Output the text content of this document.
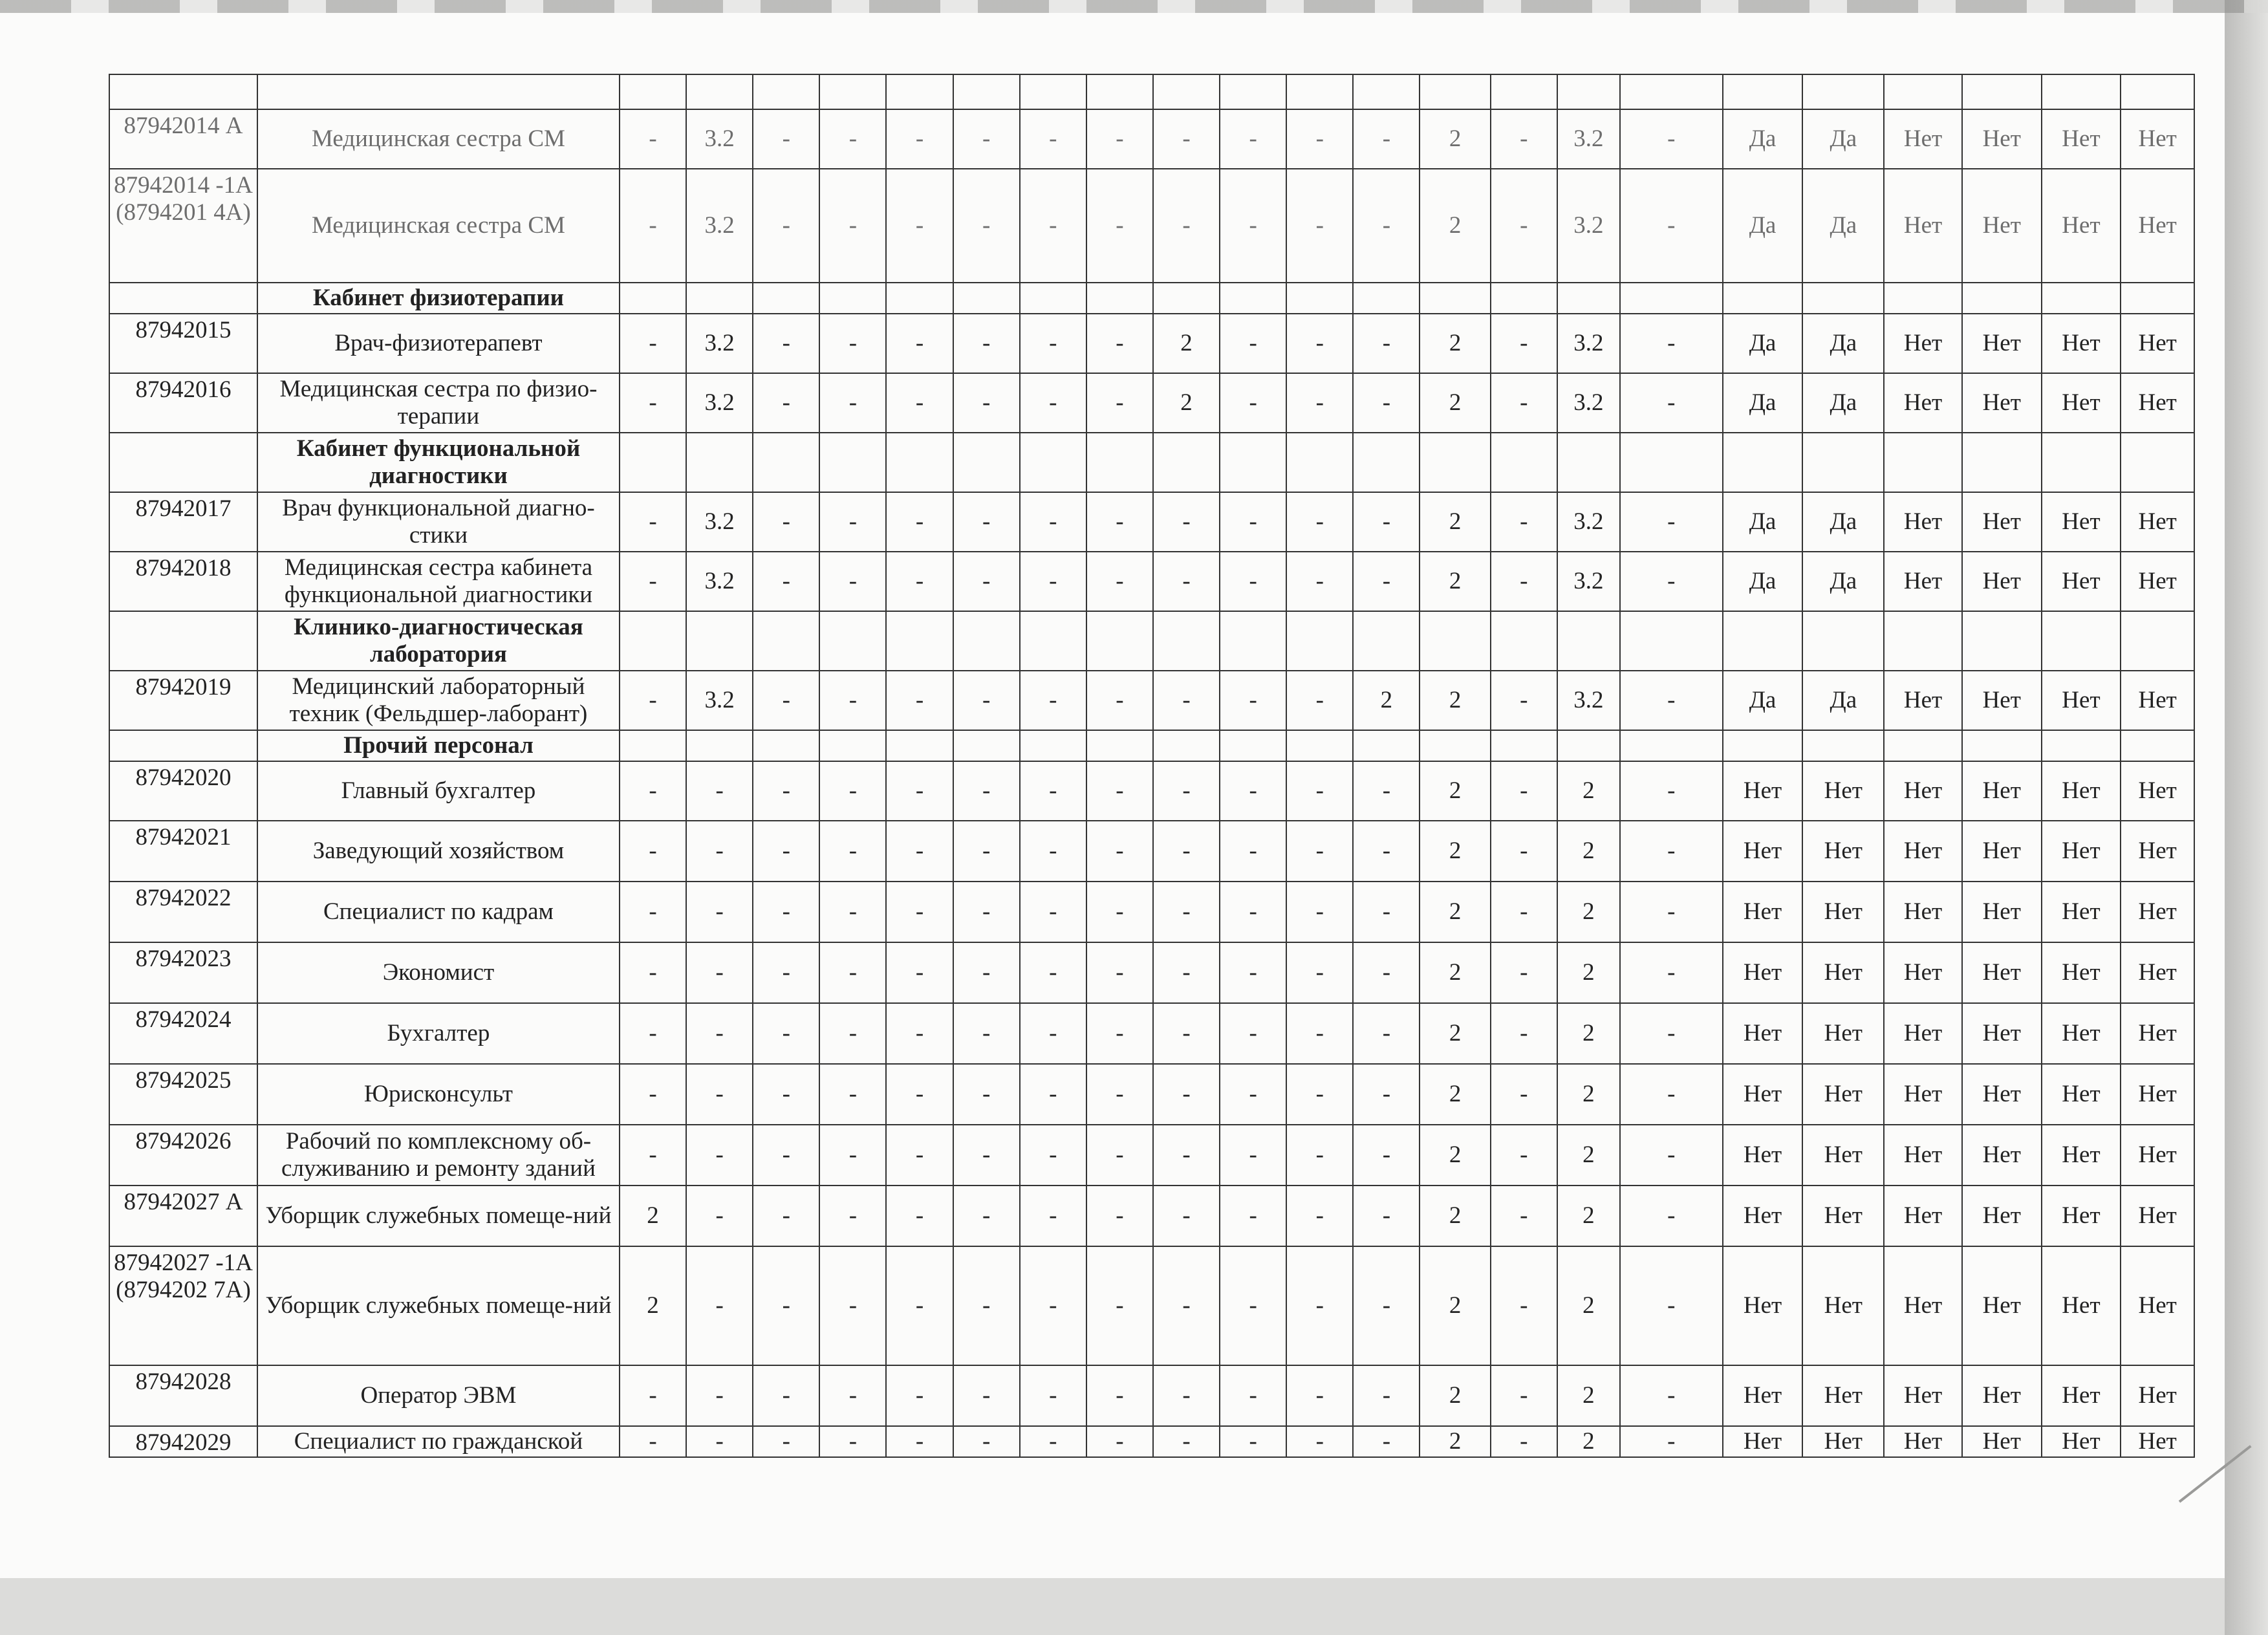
87942014 А	Медицинская сестра СМ	-	3.2	-	-	-	-	-	-	-	-	-	-	2	-	3.2	-	Да	Да	Нет	Нет	Нет	Нет
87942014 -1А (8794201 4А)	Медицинская сестра СМ	-	3.2	-	-	-	-	-	-	-	-	-	-	2	-	3.2	-	Да	Да	Нет	Нет	Нет	Нет
	Кабинет физиотерапии																						
87942015	Врач-физиотерапевт	-	3.2	-	-	-	-	-	-	2	-	-	-	2	-	3.2	-	Да	Да	Нет	Нет	Нет	Нет
87942016	Медицинская сестра по физио-терапии	-	3.2	-	-	-	-	-	-	2	-	-	-	2	-	3.2	-	Да	Да	Нет	Нет	Нет	Нет
	Кабинет функциональной диагностики																						
87942017	Врач функциональной диагно-стики	-	3.2	-	-	-	-	-	-	-	-	-	-	2	-	3.2	-	Да	Да	Нет	Нет	Нет	Нет
87942018	Медицинская сестра кабинета функциональной диагностики	-	3.2	-	-	-	-	-	-	-	-	-	-	2	-	3.2	-	Да	Да	Нет	Нет	Нет	Нет
	Клинико-диагностическая лаборатория																						
87942019	Медицинский лабораторный техник (Фельдшер-лаборант)	-	3.2	-	-	-	-	-	-	-	-	-	2	2	-	3.2	-	Да	Да	Нет	Нет	Нет	Нет
	Прочий персонал																						
87942020	Главный бухгалтер	-	-	-	-	-	-	-	-	-	-	-	-	2	-	2	-	Нет	Нет	Нет	Нет	Нет	Нет
87942021	Заведующий хозяйством	-	-	-	-	-	-	-	-	-	-	-	-	2	-	2	-	Нет	Нет	Нет	Нет	Нет	Нет
87942022	Специалист по кадрам	-	-	-	-	-	-	-	-	-	-	-	-	2	-	2	-	Нет	Нет	Нет	Нет	Нет	Нет
87942023	Экономист	-	-	-	-	-	-	-	-	-	-	-	-	2	-	2	-	Нет	Нет	Нет	Нет	Нет	Нет
87942024	Бухгалтер	-	-	-	-	-	-	-	-	-	-	-	-	2	-	2	-	Нет	Нет	Нет	Нет	Нет	Нет
87942025	Юрисконсульт	-	-	-	-	-	-	-	-	-	-	-	-	2	-	2	-	Нет	Нет	Нет	Нет	Нет	Нет
87942026	Рабочий по комплексному об-служиванию и ремонту зданий	-	-	-	-	-	-	-	-	-	-	-	-	2	-	2	-	Нет	Нет	Нет	Нет	Нет	Нет
87942027 А	Уборщик служебных помеще-ний	2	-	-	-	-	-	-	-	-	-	-	-	2	-	2	-	Нет	Нет	Нет	Нет	Нет	Нет
87942027 -1А (8794202 7А)	Уборщик служебных помеще-ний	2	-	-	-	-	-	-	-	-	-	-	-	2	-	2	-	Нет	Нет	Нет	Нет	Нет	Нет
87942028	Оператор ЭВМ	-	-	-	-	-	-	-	-	-	-	-	-	2	-	2	-	Нет	Нет	Нет	Нет	Нет	Нет
87942029	Специалист по гражданской	-	-	-	-	-	-	-	-	-	-	-	-	2	-	2	-	Нет	Нет	Нет	Нет	Нет	Нет
